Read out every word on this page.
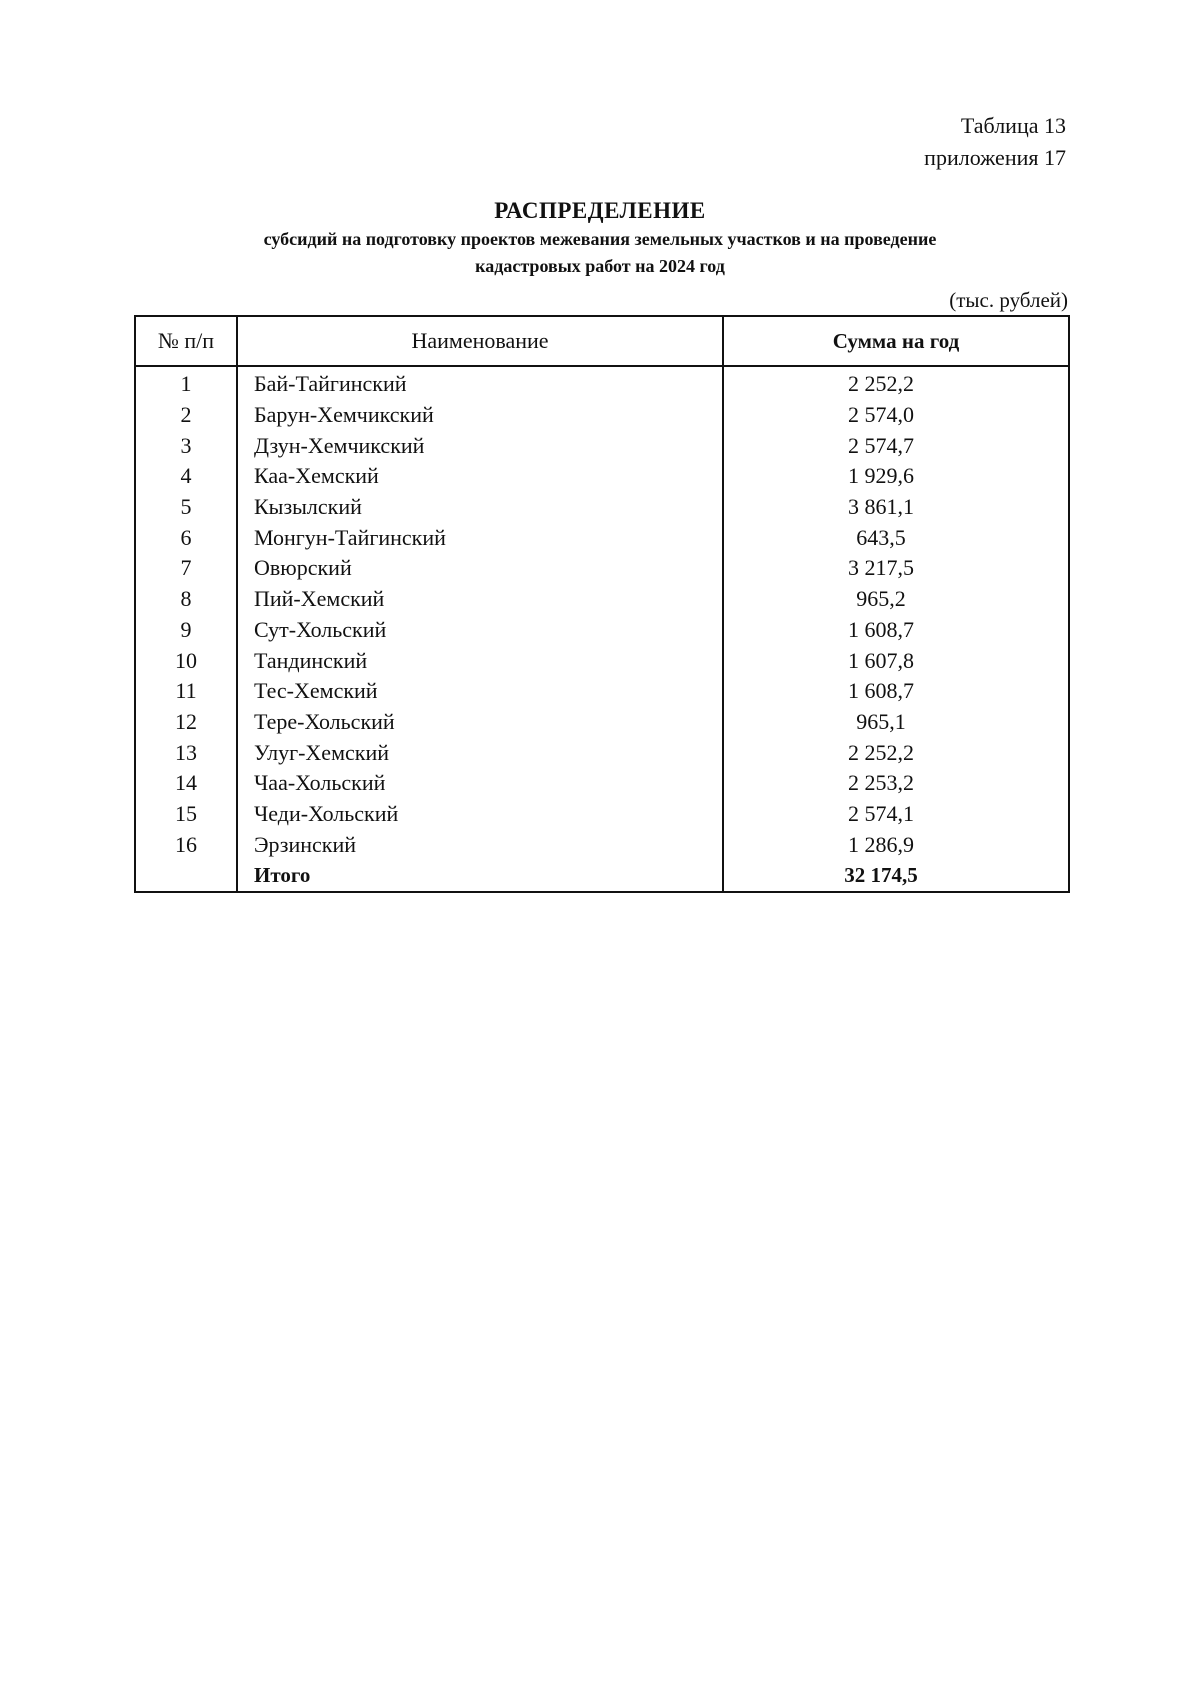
Таблица 13
приложения 17
РАСПРЕДЕЛЕНИЕ
субсидий на подготовку проектов межевания земельных участков и на проведение
кадастровых работ на 2024 год
(тыс. рублей)
№ п/п	Наименование	Сумма на год
1	Бай-Тайгинский	2 252,2
2	Барун-Хемчикский	2 574,0
3	Дзун-Хемчикский	2 574,7
4	Каа-Хемский	1 929,6
5	Кызылский	3 861,1
6	Монгун-Тайгинский	643,5
7	Овюрский	3 217,5
8	Пий-Хемский	965,2
9	Сут-Хольский	1 608,7
10	Тандинский	1 607,8
11	Тес-Хемский	1 608,7
12	Тере-Хольский	965,1
13	Улуг-Хемский	2 252,2
14	Чаа-Хольский	2 253,2
15	Чеди-Хольский	2 574,1
16	Эрзинский	1 286,9
	Итого	32 174,5
